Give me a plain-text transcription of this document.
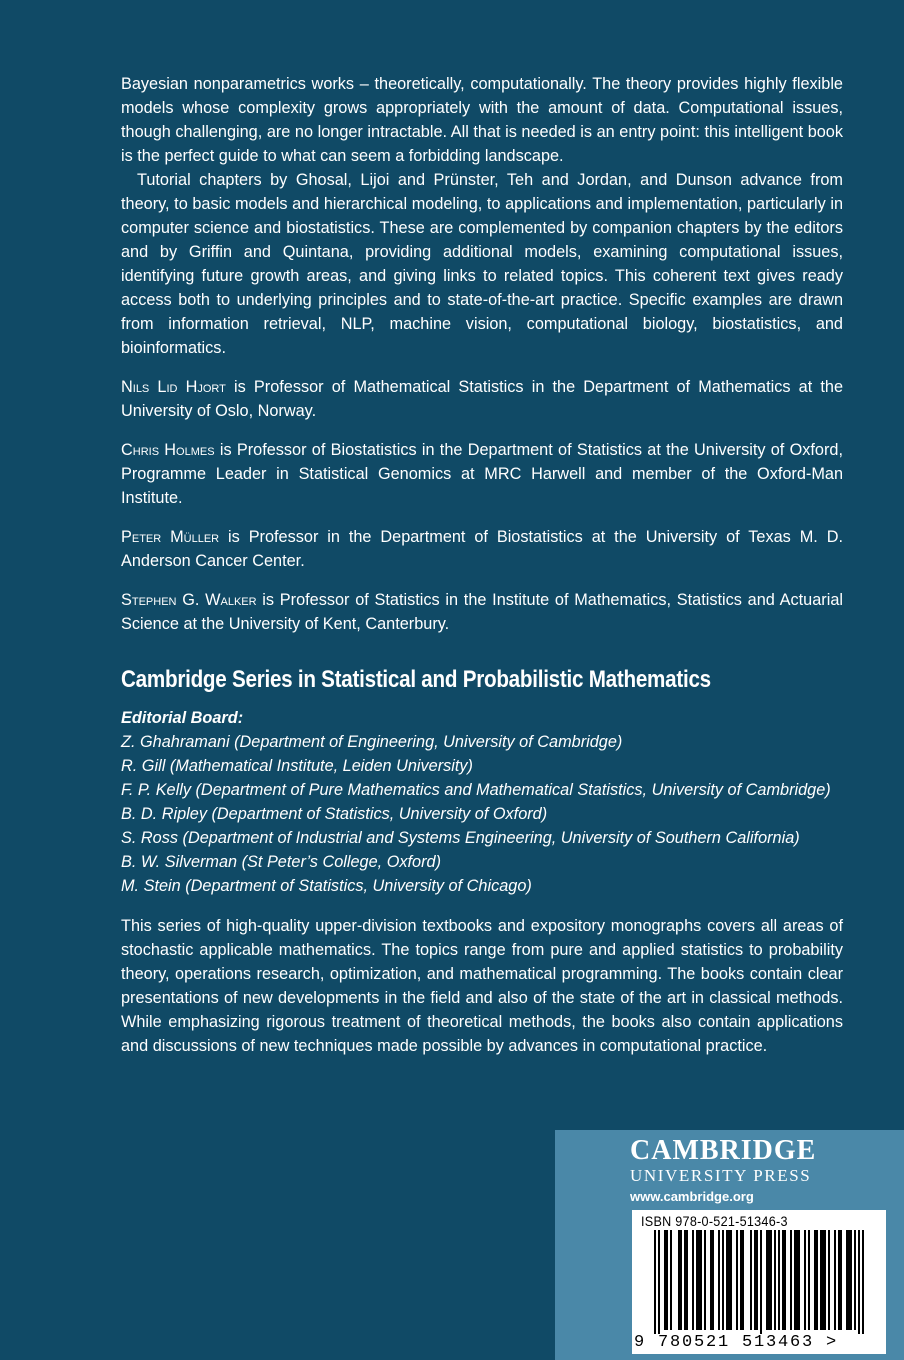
Bayesian nonparametrics works – theoretically, computationally. The theory provides highly flexible models whose complexity grows appropriately with the amount of data. Computational issues, though challenging, are no longer intractable. All that is needed is an entry point: this intelligent book is the perfect guide to what can seem a forbidding landscape.

Tutorial chapters by Ghosal, Lijoi and Prünster, Teh and Jordan, and Dunson advance from theory, to basic models and hierarchical modeling, to applications and implementation, particularly in computer science and biostatistics. These are complemented by companion chapters by the editors and by Griffin and Quintana, providing additional models, examining computational issues, identifying future growth areas, and giving links to related topics. This coherent text gives ready access both to underlying principles and to state-of-the-art practice. Specific examples are drawn from information retrieval, NLP, machine vision, computational biology, biostatistics, and bioinformatics.

Nils Lid Hjort is Professor of Mathematical Statistics in the Department of Mathematics at the University of Oslo, Norway.

Chris Holmes is Professor of Biostatistics in the Department of Statistics at the University of Oxford, Programme Leader in Statistical Genomics at MRC Harwell and member of the Oxford-Man Institute.

Peter Müller is Professor in the Department of Biostatistics at the University of Texas M. D. Anderson Cancer Center.

Stephen G. Walker is Professor of Statistics in the Institute of Mathematics, Statistics and Actuarial Science at the University of Kent, Canterbury.

Cambridge Series in Statistical and Probabilistic Mathematics
Editorial Board:
Z. Ghahramani (Department of Engineering, University of Cambridge)
R. Gill (Mathematical Institute, Leiden University)
F. P. Kelly (Department of Pure Mathematics and Mathematical Statistics, University of Cambridge)
B. D. Ripley (Department of Statistics, University of Oxford)
S. Ross (Department of Industrial and Systems Engineering, University of Southern California)
B. W. Silverman (St Peter’s College, Oxford)
M. Stein (Department of Statistics, University of Chicago)

This series of high-quality upper-division textbooks and expository monographs covers all areas of stochastic applicable mathematics. The topics range from pure and applied statistics to probability theory, operations research, optimization, and mathematical programming. The books contain clear presentations of new developments in the field and also of the state of the art in classical methods. While emphasizing rigorous treatment of theoretical methods, the books also contain applications and discussions of new techniques made possible by advances in computational practice.

CAMBRIDGE
UNIVERSITY PRESS
www.cambridge.org
ISBN 978-0-521-51346-3
9 780521 513463 >
